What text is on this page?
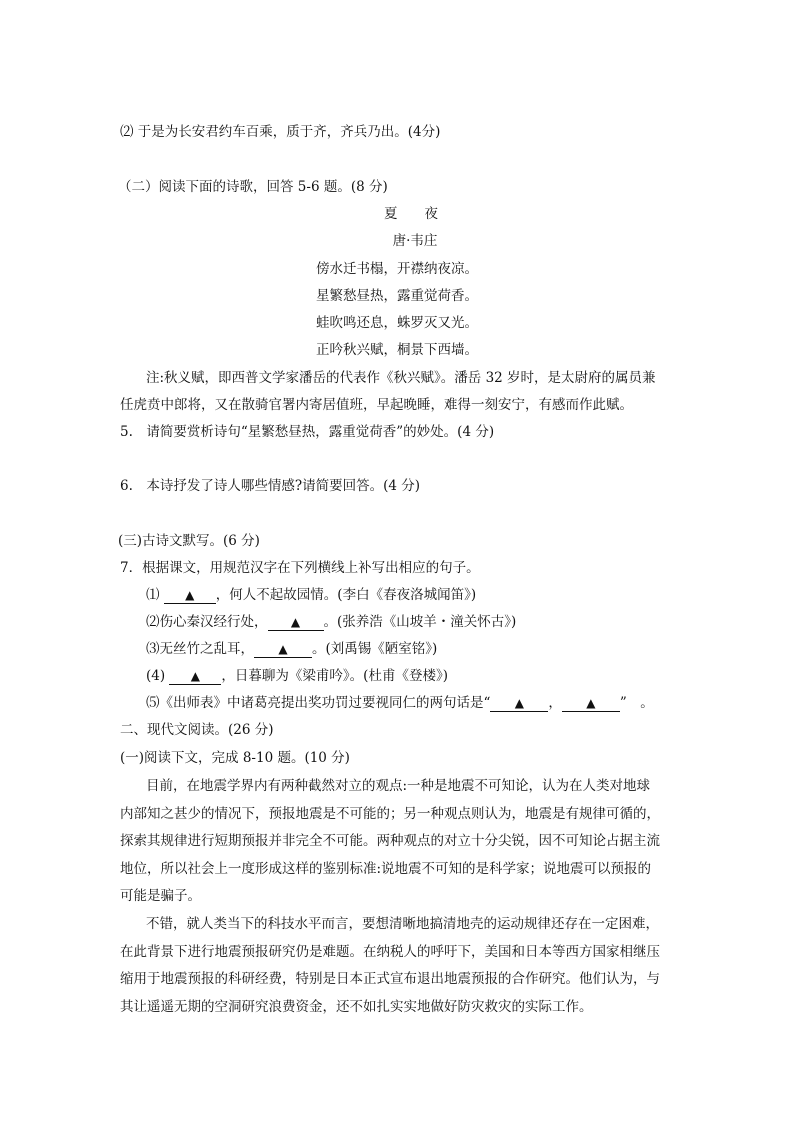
⑵ 于是为长安君约车百乘，质于齐，齐兵乃出。(4分)
（二）阅读下面的诗歌，回答 5-6 题。(8 分)
夏　　夜
唐·韦庄
傍水迁书榻，开襟纳夜凉。
星繁愁昼热，露重觉荷香。
蛙吹鸣还息，蛛罗灭又光。
正吟秋兴赋，桐景下西墙。
注:秋义赋，即西普文学家潘岳的代表作《秋兴赋》。潘岳 32 岁时，是太尉府的属员兼
任虎贲中郎将，又在散骑官署内寄居值班，早起晚睡，难得一刻安宁，有感而作此赋。
5.　请简要赏析诗句“星繁愁昼热，露重觉荷香”的妙处。(4 分)
6.　本诗抒发了诗人哪些情感?请简要回答。(4 分)
(三)古诗文默写。(6 分)
7．根据课文，用规范汉字在下列横线上补写出相应的句子。
⑴ ▲ ，何人不起故园情。(李白《春夜洛城闻笛》)
⑵伤心秦汉经行处， ▲ 。(张养浩《山坡羊・潼关怀古》)
⑶无丝竹之乱耳， ▲ 。(刘禹锡《陋室铭》)
(4) ▲ ，日暮聊为《梁甫吟》。(杜甫《登楼》)
⑸《出师表》中诸葛亮提出奖功罚过要视同仁的两句话是“ ▲ ， ▲ ”　。
二、现代文阅读。(26 分)
(一)阅读下文，完成 8-10 题。(10 分)
目前，在地震学界内有两种截然对立的观点:一种是地震不可知论，认为在人类对地球
内部知之甚少的情况下，预报地震是不可能的；另一种观点则认为，地震是有规律可循的，
探索其规律进行短期预报并非完全不可能。两种观点的对立十分尖锐，因不可知论占据主流
地位，所以社会上一度形成这样的鉴别标准:说地震不可知的是科学家；说地震可以预报的
可能是骗子。
不错，就人类当下的科技水平而言，要想清晰地搞清地壳的运动规律还存在一定困难，
在此背景下进行地震预报研究仍是难题。在纳税人的呼吁下，美国和日本等西方国家相继压
缩用于地震预报的科研经费，特别是日本正式宣布退出地震预报的合作研究。他们认为，与
其让遥遥无期的空洞研究浪费资金，还不如扎实实地做好防灾救灾的实际工作。
